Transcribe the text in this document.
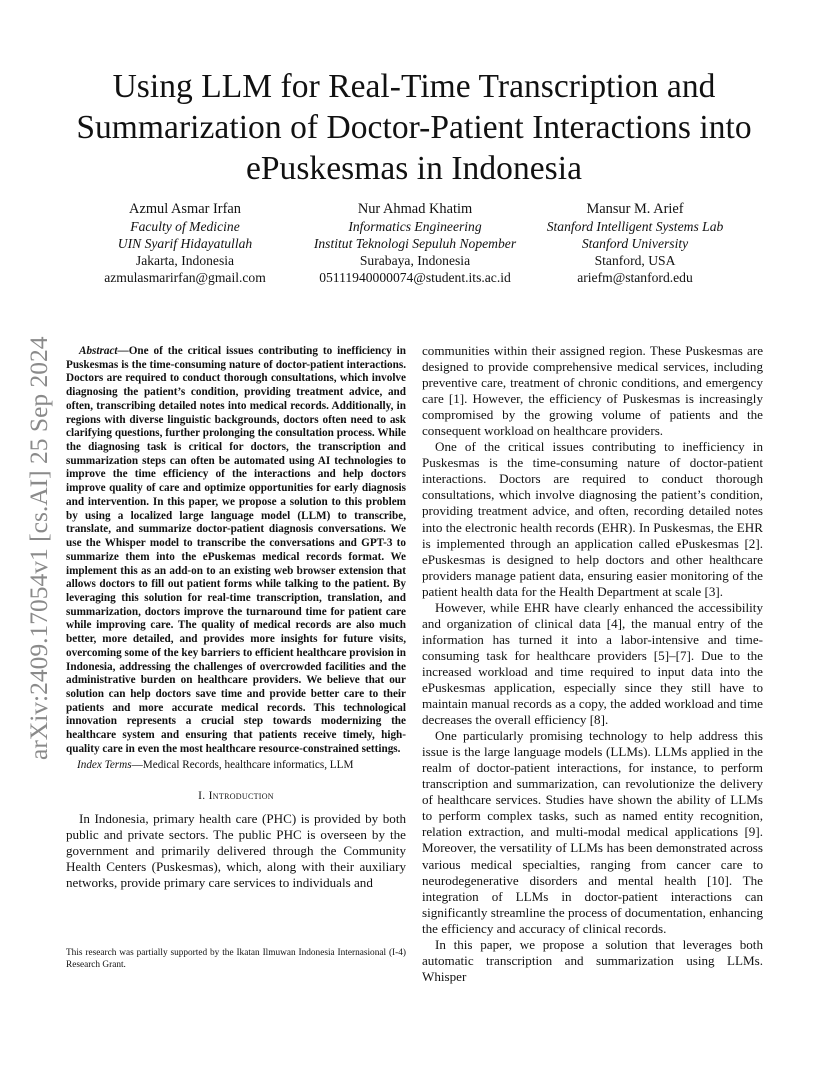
arXiv:2409.17054v1 [cs.AI] 25 Sep 2024
Using LLM for Real-Time Transcription and Summarization of Doctor-Patient Interactions into ePuskesmas in Indonesia
Azmul Asmar Irfan
Faculty of Medicine
UIN Syarif Hidayatullah
Jakarta, Indonesia
azmulasmarirfan@gmail.com
Nur Ahmad Khatim
Informatics Engineering
Institut Teknologi Sepuluh Nopember
Surabaya, Indonesia
05111940000074@student.its.ac.id
Mansur M. Arief
Stanford Intelligent Systems Lab
Stanford University
Stanford, USA
ariefm@stanford.edu

Abstract—One of the critical issues contributing to inefficiency in Puskesmas is the time-consuming nature of doctor-patient interactions. Doctors are required to conduct thorough consultations, which involve diagnosing the patient’s condition, providing treatment advice, and often, transcribing detailed notes into medical records. Additionally, in regions with diverse linguistic backgrounds, doctors often need to ask clarifying questions, further prolonging the consultation process. While the diagnosing task is critical for doctors, the transcription and summarization steps can often be automated using AI technologies to improve the time efficiency of the interactions and help doctors improve quality of care and optimize opportunities for early diagnosis and intervention. In this paper, we propose a solution to this problem by using a localized large language model (LLM) to transcribe, translate, and summarize doctor-patient diagnosis conversations. We use the Whisper model to transcribe the conversations and GPT-3 to summarize them into the ePuskemas medical records format. We implement this as an add-on to an existing web browser extension that allows doctors to fill out patient forms while talking to the patient. By leveraging this solution for real-time transcription, translation, and summarization, doctors improve the turnaround time for patient care while improving care. The quality of medical records are also much better, more detailed, and provides more insights for future visits, overcoming some of the key barriers to efficient healthcare provision in Indonesia, addressing the challenges of overcrowded facilities and the administrative burden on healthcare providers. We believe that our solution can help doctors save time and provide better care to their patients and more accurate medical records. This technological innovation represents a crucial step towards modernizing the healthcare system and ensuring that patients receive timely, high-quality care in even the most healthcare resource-constrained settings.

Index Terms—Medical Records, healthcare informatics, LLM

I. Introduction

In Indonesia, primary health care (PHC) is provided by both public and private sectors. The public PHC is overseen by the government and primarily delivered through the Community Health Centers (Puskesmas), which, along with their auxiliary networks, provide primary care services to individuals and

This research was partially supported by the Ikatan Ilmuwan Indonesia Internasional (I-4) Research Grant.

communities within their assigned region. These Puskesmas are designed to provide comprehensive medical services, including preventive care, treatment of chronic conditions, and emergency care [1]. However, the efficiency of Puskesmas is increasingly compromised by the growing volume of patients and the consequent workload on healthcare providers.

One of the critical issues contributing to inefficiency in Puskesmas is the time-consuming nature of doctor-patient interactions. Doctors are required to conduct thorough consultations, which involve diagnosing the patient’s condition, providing treatment advice, and often, recording detailed notes into the electronic health records (EHR). In Puskesmas, the EHR is implemented through an application called ePuskesmas [2]. ePuskesmas is designed to help doctors and other healthcare providers manage patient data, ensuring easier monitoring of the patient health data for the Health Department at scale [3].

However, while EHR have clearly enhanced the accessibility and organization of clinical data [4], the manual entry of the information has turned it into a labor-intensive and time-consuming task for healthcare providers [5]–[7]. Due to the increased workload and time required to input data into the ePuskesmas application, especially since they still have to maintain manual records as a copy, the added workload and time decreases the overall efficiency [8].

One particularly promising technology to help address this issue is the large language models (LLMs). LLMs applied in the realm of doctor-patient interactions, for instance, to perform transcription and summarization, can revolutionize the delivery of healthcare services. Studies have shown the ability of LLMs to perform complex tasks, such as named entity recognition, relation extraction, and multi-modal medical applications [9]. Moreover, the versatility of LLMs has been demonstrated across various medical specialties, ranging from cancer care to neurodegenerative disorders and mental health [10]. The integration of LLMs in doctor-patient interactions can significantly streamline the process of documentation, enhancing the efficiency and accuracy of clinical records.

In this paper, we propose a solution that leverages both automatic transcription and summarization using LLMs. Whisper
